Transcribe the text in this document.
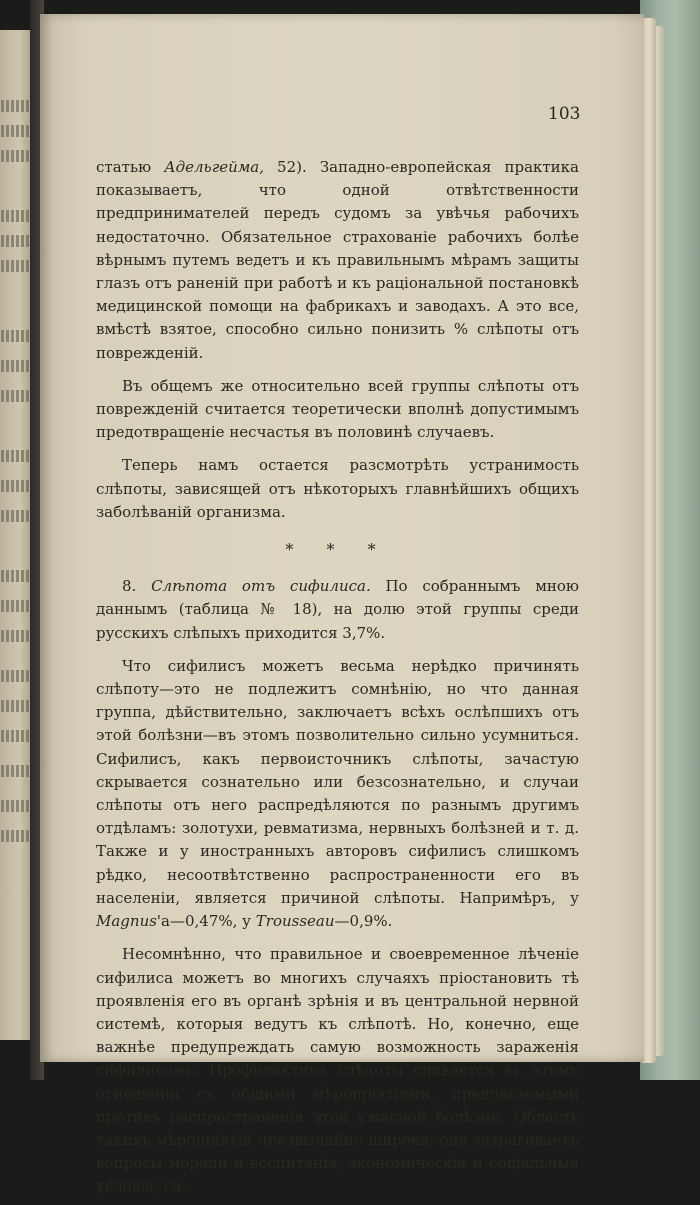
103

статью Адельгейма, 52). Западно-европейская практика показываетъ, что одной отвѣтственности предпринимателей передъ судомъ за увѣчья рабочихъ недостаточно. Обязательное страхованіе рабочихъ болѣе вѣрнымъ путемъ ведетъ и къ правильнымъ мѣрамъ защиты глазъ отъ раненій при работѣ и къ раціональной постановкѣ медицинской помощи на фабрикахъ и заводахъ. А это все, вмѣстѣ взятое, способно сильно понизить % слѣпоты отъ поврежденій.

Въ общемъ же относительно всей группы слѣпоты отъ поврежденій считается теоретически вполнѣ допустимымъ предотвращеніе несчастья въ половинѣ случаевъ.

Теперь намъ остается разсмотрѣть устранимость слѣпоты, зависящей отъ нѣкоторыхъ главнѣйшихъ общихъ заболѣваній организма.

* * *

8. Слѣпота отъ сифилиса. По собраннымъ мною даннымъ (таблица № 18), на долю этой группы среди русскихъ слѣпыхъ приходится 3,7%.

Что сифилисъ можетъ весьма нерѣдко причинять слѣпоту—это не подлежитъ сомнѣнію, но что данная группа, дѣйствительно, заключаетъ всѣхъ ослѣпшихъ отъ этой болѣзни—въ этомъ позволительно сильно усумниться. Сифилисъ, какъ первоисточникъ слѣпоты, зачастую скрывается сознательно или безсознательно, и случаи слѣпоты отъ него распредѣляются по разнымъ другимъ отдѣламъ: золотухи, ревматизма, нервныхъ болѣзней и т. д. Также и у иностранныхъ авторовъ сифилисъ слишкомъ рѣдко, несоотвѣтственно распространенности его въ населеніи, является причиной слѣпоты. Напримѣръ, у Magnus'а—0,47%, у Trousseau—0,9%.

Несомнѣнно, что правильное и своевременное лѣченіе сифилиса можетъ во многихъ случаяхъ пріостановить тѣ проявленія его въ органѣ зрѣнія и въ центральной нервной системѣ, которыя ведутъ къ слѣпотѣ. Но, конечно, еще важнѣе предупреждать самую возможность зараженія сифилисомъ. Профилактика слѣпоты сливается въ этомъ отношеніи съ общими мѣропріятіями, предлагаемыми противъ распространенія этой ужасной болѣзни. Область такихъ мѣропріятій чрезвычайно широка: она затрагиваетъ вопросы морали и воспитанія, экономическія и соціальныя условія, са-
